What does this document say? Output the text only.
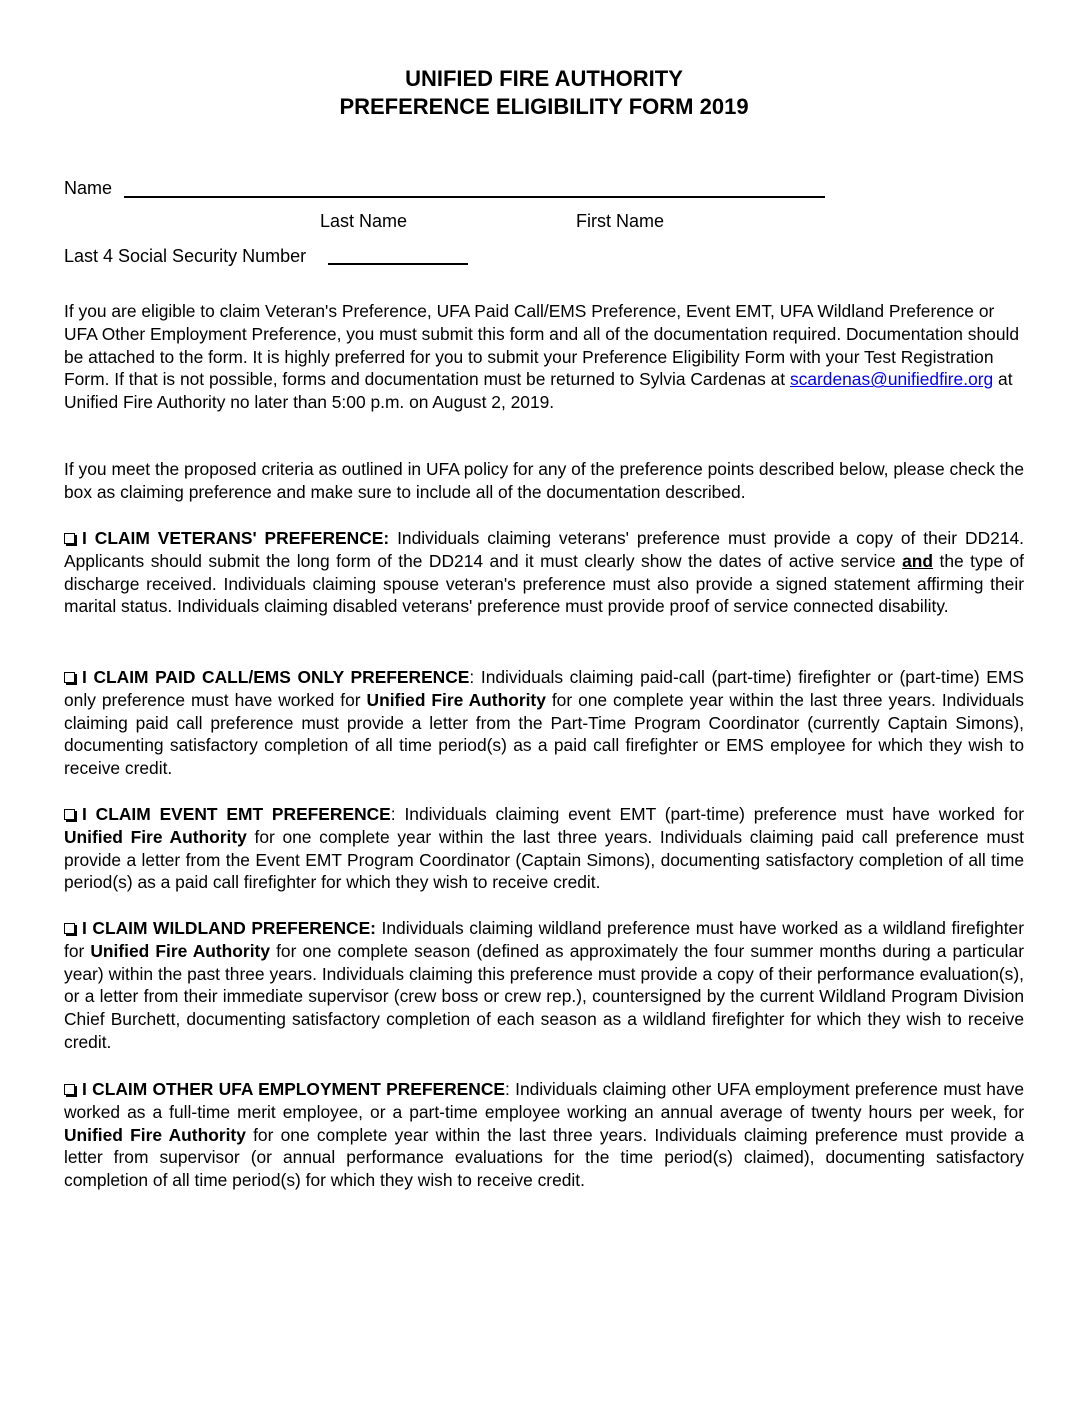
UNIFIED FIRE AUTHORITY
PREFERENCE ELIGIBILITY FORM 2019
Name
Last Name	First Name
Last 4 Social Security Number
If you are eligible to claim Veteran's Preference, UFA Paid Call/EMS Preference, Event EMT, UFA Wildland Preference or UFA Other Employment Preference, you must submit this form and all of the documentation required. Documentation should be attached to the form. It is highly preferred for you to submit your Preference Eligibility Form with your Test Registration Form. If that is not possible, forms and documentation must be returned to Sylvia Cardenas at scardenas@unifiedfire.org at Unified Fire Authority no later than 5:00 p.m. on August 2, 2019.
If you meet the proposed criteria as outlined in UFA policy for any of the preference points described below, please check the box as claiming preference and make sure to include all of the documentation described.
I CLAIM VETERANS' PREFERENCE: Individuals claiming veterans' preference must provide a copy of their DD214. Applicants should submit the long form of the DD214 and it must clearly show the dates of active service and the type of discharge received. Individuals claiming spouse veteran's preference must also provide a signed statement affirming their marital status. Individuals claiming disabled veterans' preference must provide proof of service connected disability.
I CLAIM PAID CALL/EMS ONLY PREFERENCE: Individuals claiming paid-call (part-time) firefighter or (part-time) EMS only preference must have worked for Unified Fire Authority for one complete year within the last three years. Individuals claiming paid call preference must provide a letter from the Part-Time Program Coordinator (currently Captain Simons), documenting satisfactory completion of all time period(s) as a paid call firefighter or EMS employee for which they wish to receive credit.
I CLAIM EVENT EMT PREFERENCE: Individuals claiming event EMT (part-time) preference must have worked for Unified Fire Authority for one complete year within the last three years. Individuals claiming paid call preference must provide a letter from the Event EMT Program Coordinator (Captain Simons), documenting satisfactory completion of all time period(s) as a paid call firefighter for which they wish to receive credit.
I CLAIM WILDLAND PREFERENCE: Individuals claiming wildland preference must have worked as a wildland firefighter for Unified Fire Authority for one complete season (defined as approximately the four summer months during a particular year) within the past three years. Individuals claiming this preference must provide a copy of their performance evaluation(s), or a letter from their immediate supervisor (crew boss or crew rep.), countersigned by the current Wildland Program Division Chief Burchett, documenting satisfactory completion of each season as a wildland firefighter for which they wish to receive credit.
I CLAIM OTHER UFA EMPLOYMENT PREFERENCE: Individuals claiming other UFA employment preference must have worked as a full-time merit employee, or a part-time employee working an annual average of twenty hours per week, for Unified Fire Authority for one complete year within the last three years. Individuals claiming preference must provide a letter from supervisor (or annual performance evaluations for the time period(s) claimed), documenting satisfactory completion of all time period(s) for which they wish to receive credit.
